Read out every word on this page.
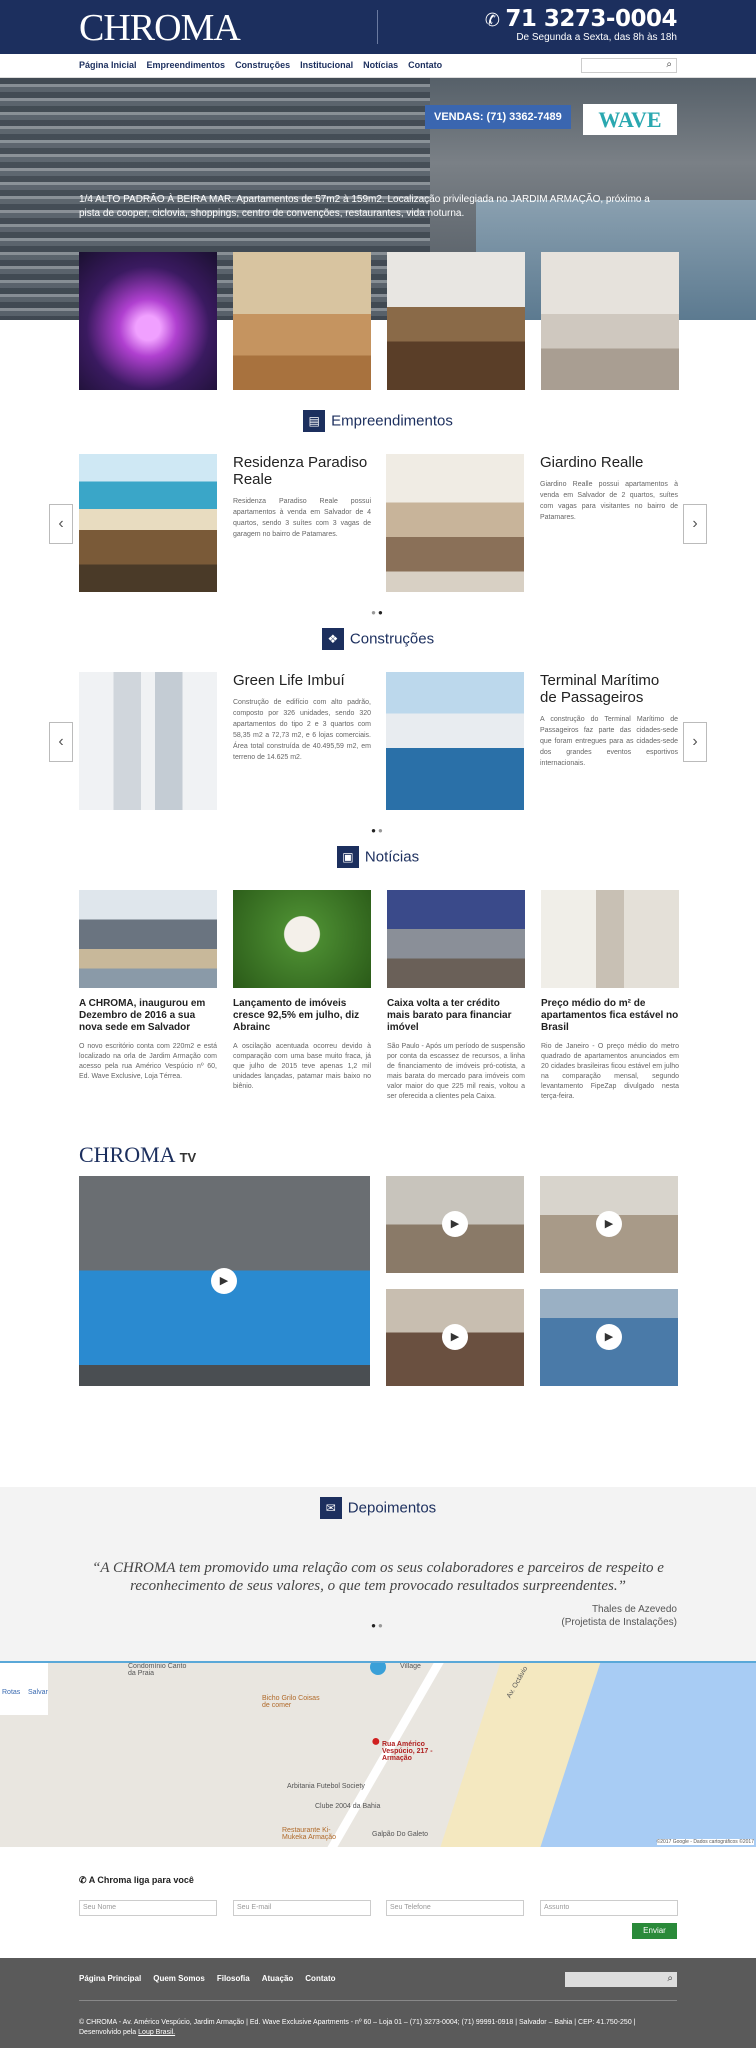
CHROMA	✆ 71 3273-0004
De Segunda a Sexta, das 8h às 18h
Página Inicial Empreendimentos Construções Institucional Notícias Contato	⌕
VENDAS: (71) 3362-7489	WAVE
1/4 ALTO PADRÃO À BEIRA MAR. Apartamentos de 57m2 à 159m2. Localização privilegiada no JARDIM ARMAÇÃO, próximo a pista de cooper, ciclovia, shoppings, centro de convenções, restaurantes, vida noturna.
▤ Empreendimentos
‹
Residenza Paradiso Reale

Residenza Paradiso Reale possui apartamentos à venda em Salvador de 4 quartos, sendo 3 suítes com 3 vagas de garagem no bairro de Patamares.

Giardino Realle

Giardino Realle possui apartamentos à venda em Salvador de 2 quartos, suítes com vagas para visitantes no bairro de Patamares.	›
●●
❖ Construções
‹
Green Life Imbuí

Construção de edifício com alto padrão, composto por 326 unidades, sendo 320 apartamentos do tipo 2 e 3 quartos com 58,35 m2 a 72,73 m2, e 6 lojas comerciais. Área total construída de 40.495,59 m2, em terreno de 14.625 m2.

Terminal Marítimo de Passageiros

A construção do Terminal Marítimo de Passageiros faz parte das cidades-sede que foram entregues para as cidades-sede dos grandes eventos esportivos internacionais.

›
●●
▣ Notícias
A CHROMA, inaugurou em Dezembro de 2016 a sua nova sede em Salvador

O novo escritório conta com 220m2 e está localizado na orla de Jardim Armação com acesso pela rua Américo Vespúcio nº 60, Ed. Wave Exclusive, Loja Térrea.

Lançamento de imóveis cresce 92,5% em julho, diz Abrainc

A oscilação acentuada ocorreu devido à comparação com uma base muito fraca, já que julho de 2015 teve apenas 1,2 mil unidades lançadas, patamar mais baixo no biênio.

Caixa volta a ter crédito mais barato para financiar imóvel

São Paulo - Após um período de suspensão por conta da escassez de recursos, a linha de financiamento de imóveis pró-cotista, a mais barata do mercado para imóveis com valor maior do que 225 mil reais, voltou a ser oferecida a clientes pela Caixa.

Preço médio do m² de apartamentos fica estável no Brasil

Rio de Janeiro - O preço médio do metro quadrado de apartamentos anunciados em 20 cidades brasileiras ficou estável em julho na comparação mensal, segundo levantamento FipeZap divulgado nesta terça-feira.

CHROMA TV
▶
▶	▶
▶	▶
✉ Depoimentos
“A CHROMA tem promovido uma relação com os seus colaboradores e parceiros de respeito e reconhecimento de seus valores, o que tem provocado resultados surpreendentes.”
Thales de Azevedo
(Projetista de Instalações)
●●
Rotas Salvar
Condomínio Canto da Praia
Bicho Grilo Coisas de comer
● Rua Américo Vespúcio, 217 - Armação
Arbitania Futebol Society
Clube 2004 da Bahia
Restaurante Ki-Mukeka Armação	Galpão Do Galeto
Av. Octávio
Village
©2017 Google - Dados cartográficos ©2017
✆ A Chroma liga para você
Seu Nome	Seu E-mail	Seu Telefone	Assunto
Enviar
Página Principal Quem Somos Filosofia Atuação Contato	⌕
© CHROMA - Av. Américo Vespúcio, Jardim Armação | Ed. Wave Exclusive Apartments - nº 60 – Loja 01 – (71) 3273-0004; (71) 99991-0918 | Salvador – Bahia | CEP: 41.750-250 |
Desenvolvido pela Loup Brasil.
